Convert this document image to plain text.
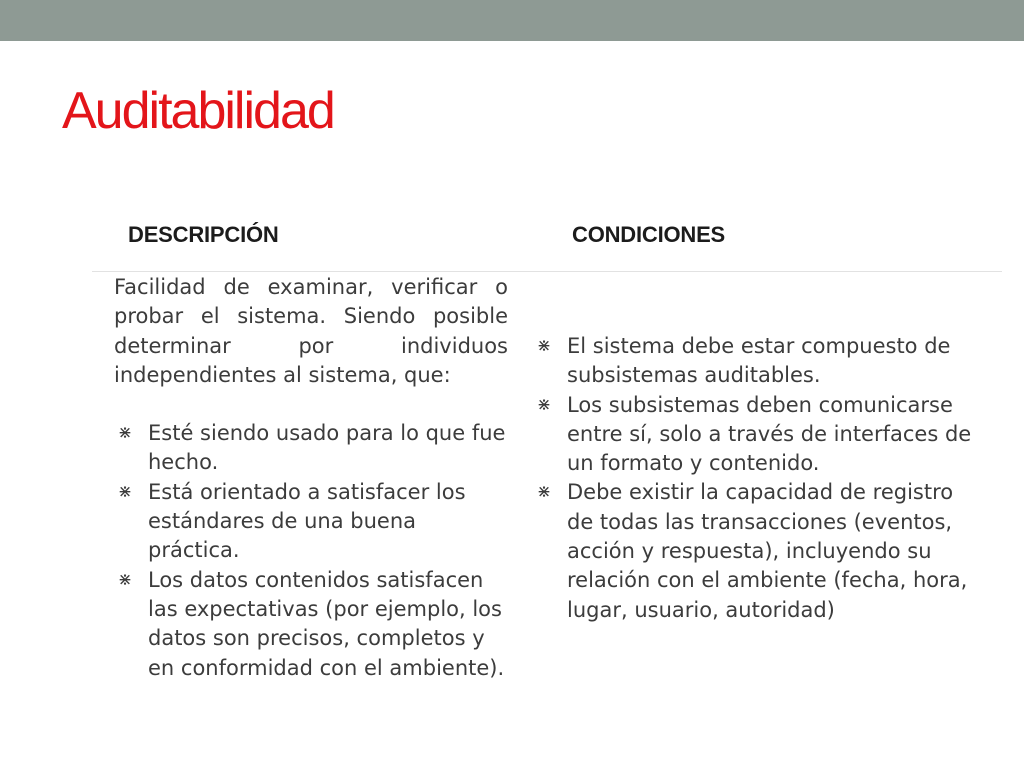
Auditabilidad
DESCRIPCIÓN	CONDICIONES

Facilidad de examinar, verificar o probar el sistema. Siendo posible determinar por individuos independientes al sistema, que:

⋇ Esté siendo usado para lo que fue hecho.
⋇ Está orientado a satisfacer los estándares de una buena práctica.
⋇ Los datos contenidos satisfacen las expectativas (por ejemplo, los datos son precisos, completos y en conformidad con el ambiente).
⋇ El sistema debe estar compuesto de subsistemas auditables.
⋇ Los subsistemas deben comunicarse entre sí, solo a través de interfaces de un formato y contenido.
⋇ Debe existir la capacidad de registro de todas las transacciones (eventos, acción y respuesta), incluyendo su relación con el ambiente (fecha, hora, lugar, usuario, autoridad)
